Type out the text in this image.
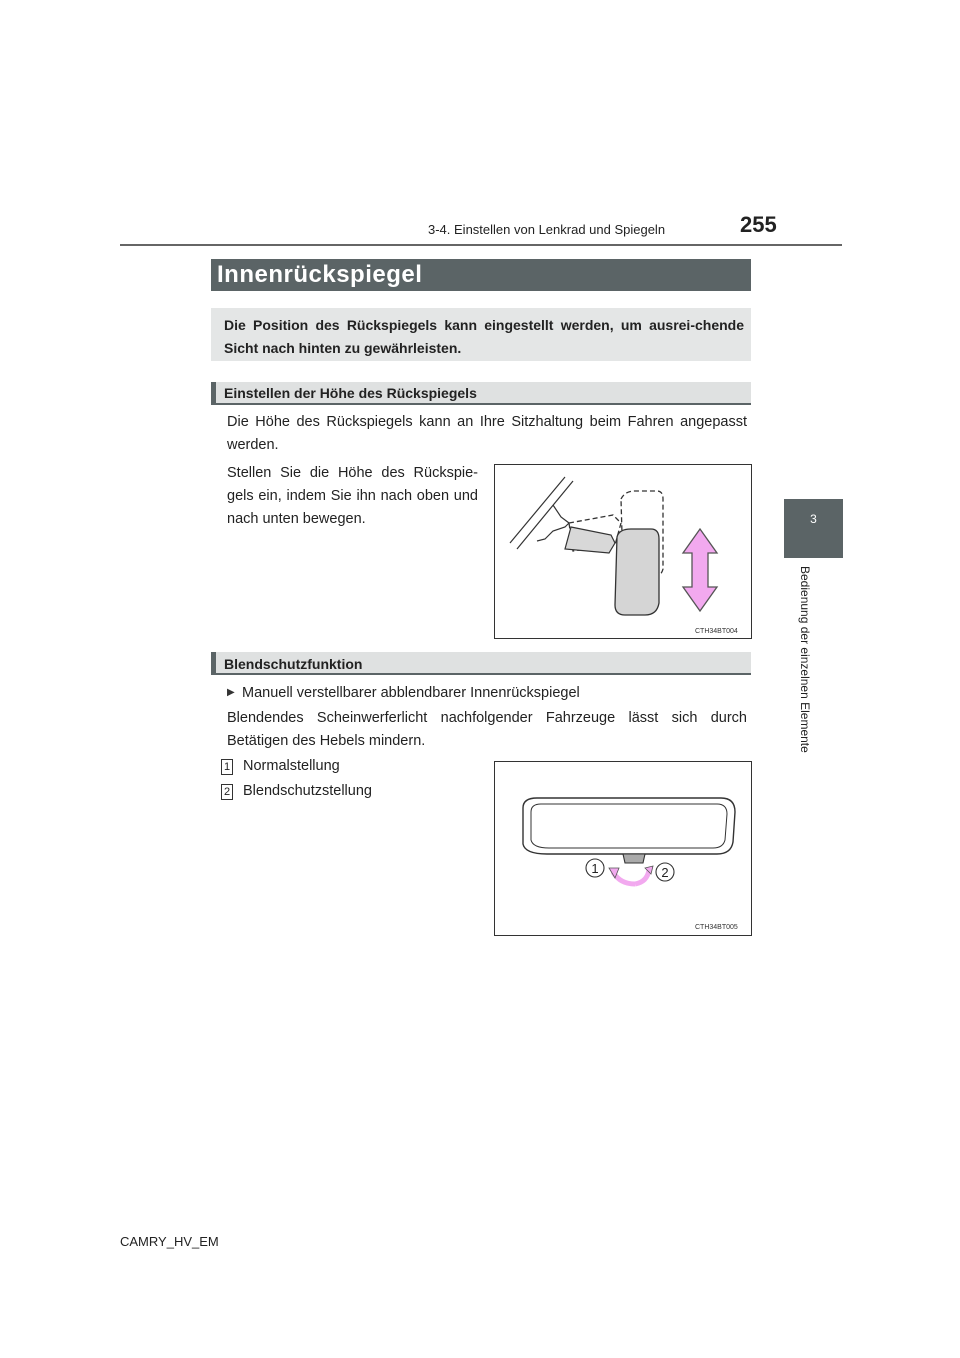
3-4. Einstellen von Lenkrad und Spiegeln	255
3
Bedienung der einzelnen Elemente
Innenrückspiegel
Die Position des Rückspiegels kann eingestellt werden, um ausrei-chende Sicht nach hinten zu gewährleisten.
Einstellen der Höhe des Rückspiegels
Die Höhe des Rückspiegels kann an Ihre Sitzhaltung beim Fahren angepasst werden.
Stellen Sie die Höhe des Rückspie-gels ein, indem Sie ihn nach oben und nach unten bewegen.
CTH34BT004
Blendschutzfunktion
▶ Manuell verstellbarer abblendbarer Innenrückspiegel
Blendendes Scheinwerferlicht nachfolgender Fahrzeuge lässt sich durch Betätigen des Hebels mindern.
1 Normalstellung
2 Blendschutzstellung
1	2
CTH34BT005
CAMRY_HV_EM
